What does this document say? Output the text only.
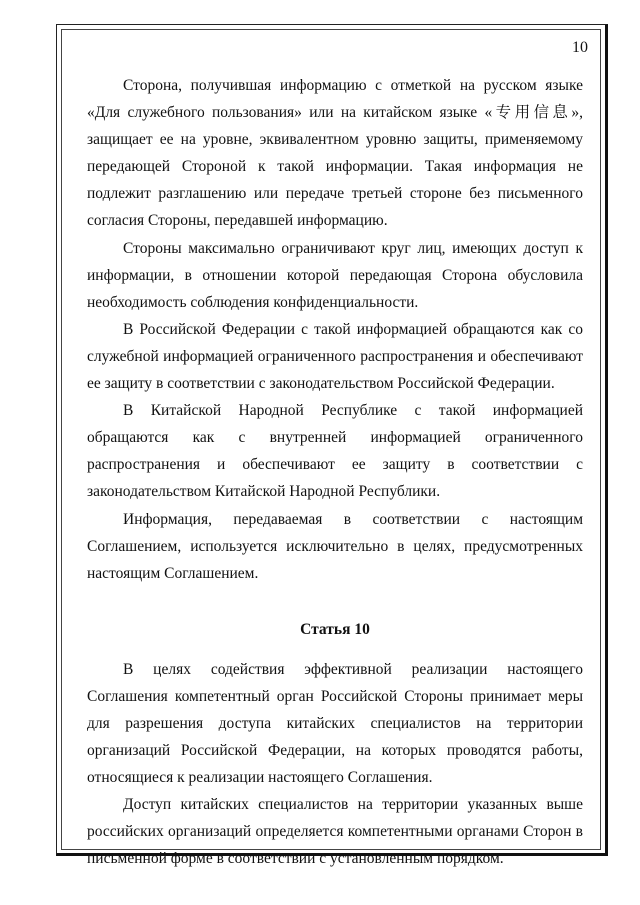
10

Сторона, получившая информацию с отметкой на русском языке «Для служебного пользования» или на китайском языке «专用信息», защищает ее на уровне, эквивалентном уровню защиты, применяемому передающей Стороной к такой информации. Такая информация не подлежит разглашению или передаче третьей стороне без письменного согласия Стороны, передавшей информацию.

Стороны максимально ограничивают круг лиц, имеющих доступ к информации, в отношении которой передающая Сторона обусловила необходимость соблюдения конфиденциальности.

В Российской Федерации с такой информацией обращаются как со служебной информацией ограниченного распространения и обеспечивают ее защиту в соответствии с законодательством Российской Федерации.

В Китайской Народной Республике с такой информацией обращаются как с внутренней информацией ограниченного распространения и обеспечивают ее защиту в соответствии с законодательством Китайской Народной Республики.

Информация, передаваемая в соответствии с настоящим Соглашением, используется исключительно в целях, предусмотренных настоящим Соглашением.

Статья 10

В целях содействия эффективной реализации настоящего Соглашения компетентный орган Российской Стороны принимает меры для разрешения доступа китайских специалистов на территории организаций Российской Федерации, на которых проводятся работы, относящиеся к реализации настоящего Соглашения.

Доступ китайских специалистов на территории указанных выше российских организаций определяется компетентными органами Сторон в письменной форме в соответствии с установленным порядком.
